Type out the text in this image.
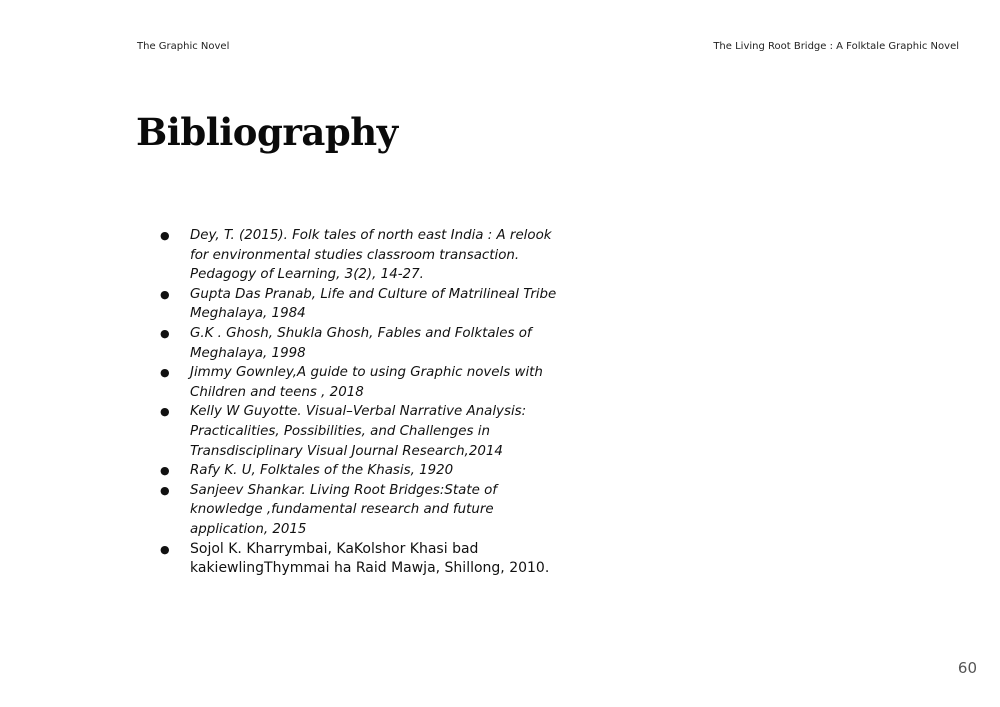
The Graphic Novel	The Living Root Bridge : A Folktale Graphic Novel
Bibliography
● Dey, T. (2015). Folk tales of north east India : A relook for environmental studies classroom transaction. Pedagogy of Learning, 3(2), 14-27.
● Gupta Das Pranab, Life and Culture of Matrilineal Tribe Meghalaya, 1984
● G.K . Ghosh, Shukla Ghosh, Fables and Folktales of Meghalaya, 1998
● Jimmy Gownley,A guide to using Graphic novels with Children and teens , 2018
● Kelly W Guyotte. Visual–Verbal Narrative Analysis: Practicalities, Possibilities, and Challenges in Transdisciplinary Visual Journal Research,2014
● Rafy K. U, Folktales of the Khasis, 1920
● Sanjeev Shankar. Living Root Bridges:State of knowledge ,fundamental research and future application, 2015
● Sojol K. Kharrymbai, KaKolshor Khasi bad kakiewlingThymmai ha Raid Mawja, Shillong, 2010.
60
